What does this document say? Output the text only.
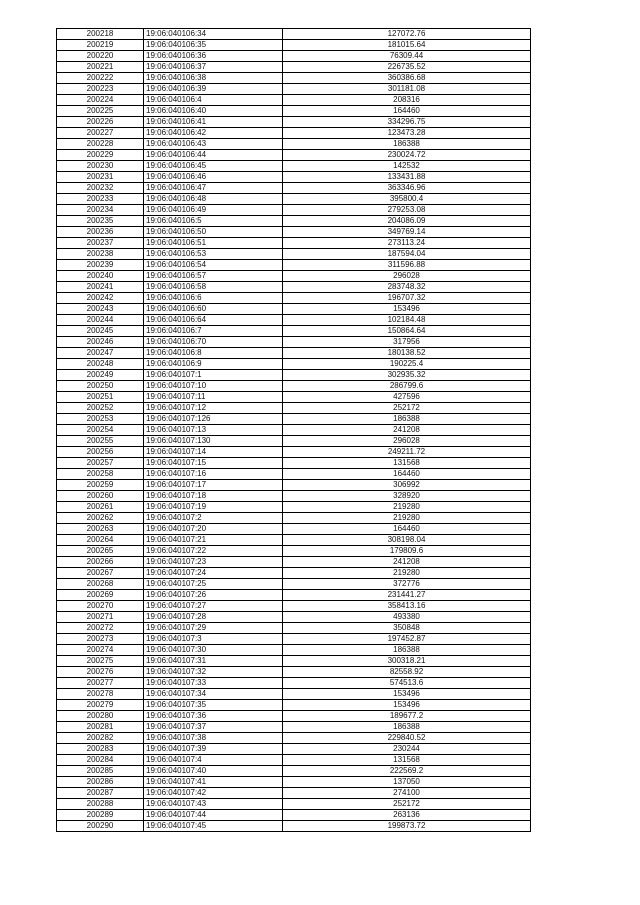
200218	19:06:040106:34	127072.76
200219	19:06:040106:35	181015.64
200220	19:06:040106:36	76309.44
200221	19:06:040106:37	226735.52
200222	19:06:040106:38	360386.68
200223	19:06:040106:39	301181.08
200224	19:06:040106:4	208316
200225	19:06:040106:40	164460
200226	19:06:040106:41	334296.75
200227	19:06:040106:42	123473.28
200228	19:06:040106:43	186388
200229	19:06:040106:44	230024.72
200230	19:06:040106:45	142532
200231	19:06:040106:46	133431.88
200232	19:06:040106:47	363346.96
200233	19:06:040106:48	395800.4
200234	19:06:040106:49	279253.08
200235	19:06:040106:5	204086.09
200236	19:06:040106:50	349769.14
200237	19:06:040106:51	273113.24
200238	19:06:040106:53	187594.04
200239	19:06:040106:54	311596.88
200240	19:06:040106:57	296028
200241	19:06:040106:58	283748.32
200242	19:06:040106:6	196707.32
200243	19:06:040106:60	153496
200244	19:06:040106:64	102184.48
200245	19:06:040106:7	150864.64
200246	19:06:040106:70	317956
200247	19:06:040106:8	180138.52
200248	19:06:040106:9	190225.4
200249	19:06:040107:1	302935.32
200250	19:06:040107:10	286799.6
200251	19:06:040107:11	427596
200252	19:06:040107:12	252172
200253	19:06:040107:126	186388
200254	19:06:040107:13	241208
200255	19:06:040107:130	296028
200256	19:06:040107:14	249211.72
200257	19:06:040107:15	131568
200258	19:06:040107:16	164460
200259	19:06:040107:17	306992
200260	19:06:040107:18	328920
200261	19:06:040107:19	219280
200262	19:06:040107:2	219280
200263	19:06:040107:20	164460
200264	19:06:040107:21	308198.04
200265	19:06:040107:22	179809.6
200266	19:06:040107:23	241208
200267	19:06:040107:24	219280
200268	19:06:040107:25	372776
200269	19:06:040107:26	231441.27
200270	19:06:040107:27	358413.16
200271	19:06:040107:28	493380
200272	19:06:040107:29	350848
200273	19:06:040107:3	197452.87
200274	19:06:040107:30	186388
200275	19:06:040107:31	300318.21
200276	19:06:040107:32	82558.92
200277	19:06:040107:33	574513.6
200278	19:06:040107:34	153496
200279	19:06:040107:35	153496
200280	19:06:040107:36	189677.2
200281	19:06:040107:37	186388
200282	19:06:040107:38	229840.52
200283	19:06:040107:39	230244
200284	19:06:040107:4	131568
200285	19:06:040107:40	222569.2
200286	19:06:040107:41	137050
200287	19:06:040107:42	274100
200288	19:06:040107:43	252172
200289	19:06:040107:44	263136
200290	19:06:040107:45	199873.72
